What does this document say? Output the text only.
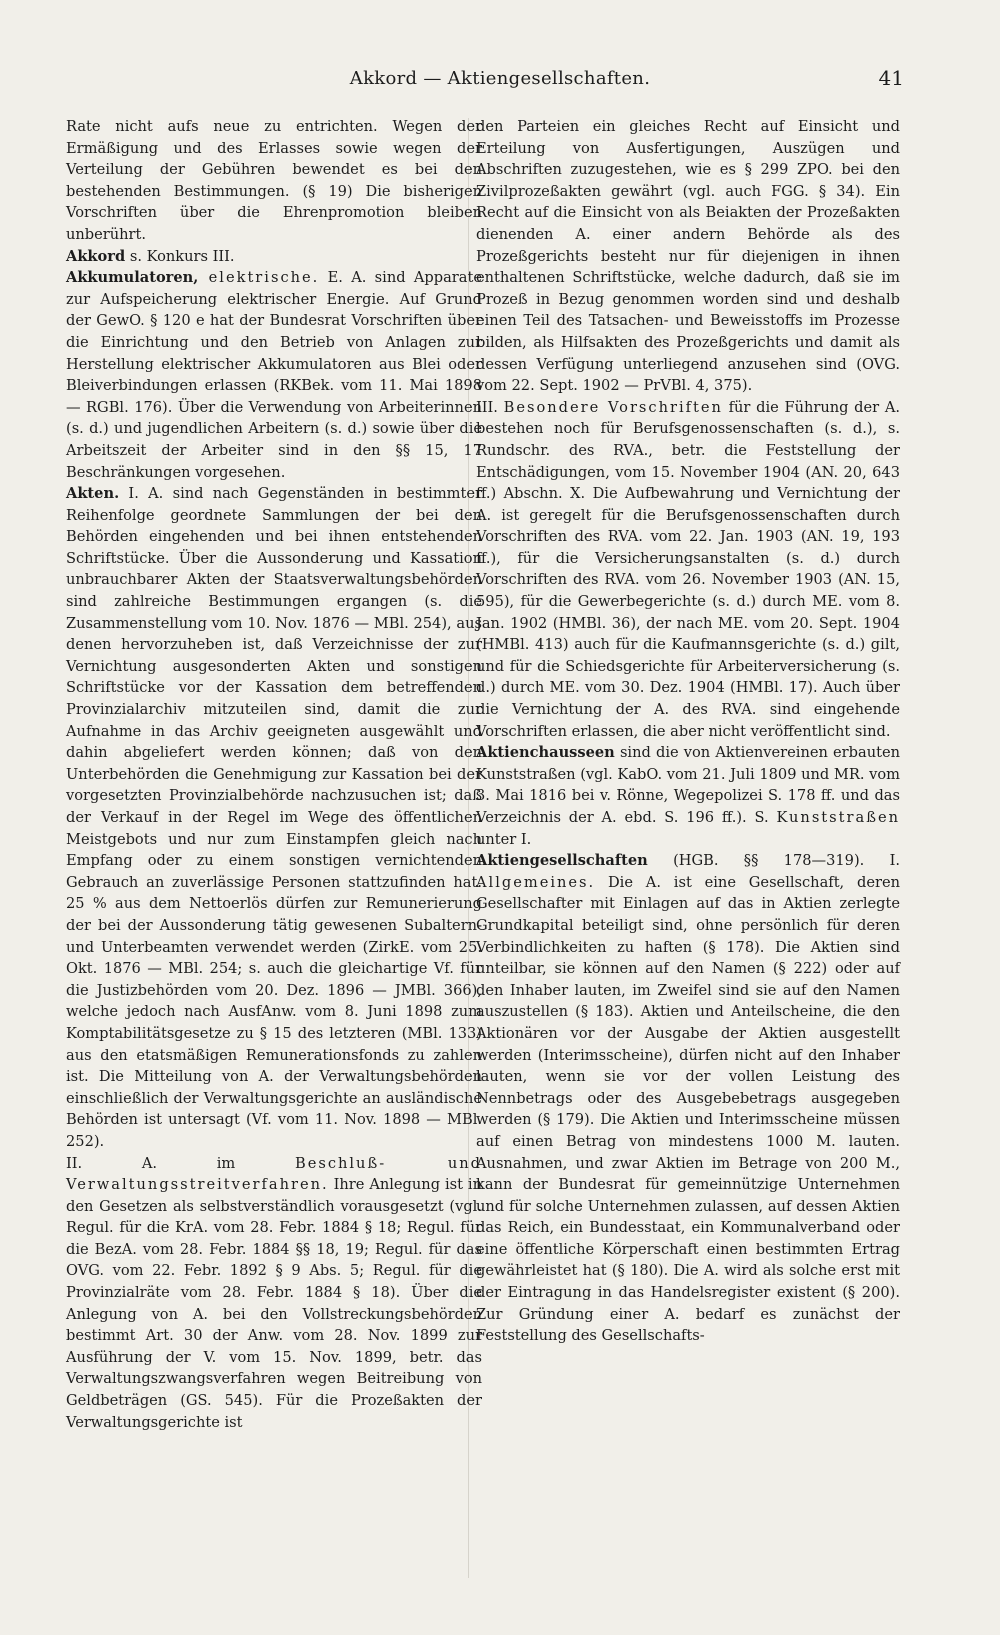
Akkord — Aktiengesellschaften.	41

Rate nicht aufs neue zu entrichten. Wegen der Ermäßigung und des Erlasses sowie wegen der Verteilung der Gebühren bewendet es bei den bestehenden Bestimmungen. (§ 19) Die bisherigen Vorschriften über die Ehrenpromotion bleiben unberührt.

Akkord s. Konkurs III.

Akkumulatoren, elektrische. E. A. sind Apparate zur Aufspeicherung elektrischer Energie. Auf Grund der GewO. § 120 e hat der Bundesrat Vorschriften über die Einrichtung und den Betrieb von Anlagen zur Herstellung elektrischer Akkumulatoren aus Blei oder Bleiverbindungen erlassen (RKBek. vom 11. Mai 1898 — RGBl. 176). Über die Verwendung von Arbeiterinnen (s. d.) und jugendlichen Arbeitern (s. d.) sowie über die Arbeitszeit der Arbeiter sind in den §§ 15, 17 Beschränkungen vorgesehen.

Akten. I. A. sind nach Gegenständen in bestimmter Reihenfolge geordnete Sammlungen der bei den Behörden eingehenden und bei ihnen entstehenden Schriftstücke. Über die Aussonderung und Kassation unbrauchbarer Akten der Staatsverwaltungsbehörden sind zahlreiche Bestimmungen ergangen (s. die Zusammenstellung vom 10. Nov. 1876 — MBl. 254), aus denen hervorzuheben ist, daß Verzeichnisse der zur Vernichtung ausgesonderten Akten und sonstigen Schriftstücke vor der Kassation dem betreffenden Provinzialarchiv mitzuteilen sind, damit die zur Aufnahme in das Archiv geeigneten ausgewählt und dahin abgeliefert werden können; daß von den Unterbehörden die Genehmigung zur Kassation bei der vorgesetzten Provinzialbehörde nachzusuchen ist; daß der Verkauf in der Regel im Wege des öffentlichen Meistgebots und nur zum Einstampfen gleich nach Empfang oder zu einem sonstigen vernichtenden Gebrauch an zuverlässige Personen stattzufinden hat. 25 % aus dem Nettoerlös dürfen zur Remunerierung der bei der Aussonderung tätig gewesenen Subaltern- und Unterbeamten verwendet werden (ZirkE. vom 25. Okt. 1876 — MBl. 254; s. auch die gleichartige Vf. für die Justizbehörden vom 20. Dez. 1896 — JMBl. 366), welche jedoch nach AusfAnw. vom 8. Juni 1898 zum Komptabilitätsgesetze zu § 15 des letzteren (MBl. 133) aus den etatsmäßigen Remunerationsfonds zu zahlen ist. Die Mitteilung von A. der Verwaltungsbehörden einschließlich der Verwaltungsgerichte an ausländische Behörden ist untersagt (Vf. vom 11. Nov. 1898 — MBl. 252).

II. A. im Beschluß- und Verwaltungsstreitverfahren. Ihre Anlegung ist in den Gesetzen als selbstverständlich vorausgesetzt (vgl. Regul. für die KrA. vom 28. Febr. 1884 § 18; Regul. für die BezA. vom 28. Febr. 1884 §§ 18, 19; Regul. für das OVG. vom 22. Febr. 1892 § 9 Abs. 5; Regul. für die Provinzialräte vom 28. Febr. 1884 § 18). Über die Anlegung von A. bei den Vollstreckungsbehörden bestimmt Art. 30 der Anw. vom 28. Nov. 1899 zur Ausführung der V. vom 15. Nov. 1899, betr. das Verwaltungszwangsverfahren wegen Beitreibung von Geldbeträgen (GS. 545). Für die Prozeßakten der Verwaltungsgerichte ist

den Parteien ein gleiches Recht auf Einsicht und Erteilung von Ausfertigungen, Auszügen und Abschriften zuzugestehen, wie es § 299 ZPO. bei den Zivilprozeßakten gewährt (vgl. auch FGG. § 34). Ein Recht auf die Einsicht von als Beiakten der Prozeßakten dienenden A. einer andern Behörde als des Prozeßgerichts besteht nur für diejenigen in ihnen enthaltenen Schriftstücke, welche dadurch, daß sie im Prozeß in Bezug genommen worden sind und deshalb einen Teil des Tatsachen- und Beweisstoffs im Prozesse bilden, als Hilfsakten des Prozeßgerichts und damit als dessen Verfügung unterliegend anzusehen sind (OVG. vom 22. Sept. 1902 — PrVBl. 4, 375).

III. Besondere Vorschriften für die Führung der A. bestehen noch für Berufsgenossenschaften (s. d.), s. Rundschr. des RVA., betr. die Feststellung der Entschädigungen, vom 15. November 1904 (AN. 20, 643 ff.) Abschn. X. Die Aufbewahrung und Vernichtung der A. ist geregelt für die Berufsgenossenschaften durch Vorschriften des RVA. vom 22. Jan. 1903 (AN. 19, 193 ff.), für die Versicherungsanstalten (s. d.) durch Vorschriften des RVA. vom 26. November 1903 (AN. 15, 595), für die Gewerbegerichte (s. d.) durch ME. vom 8. Jan. 1902 (HMBl. 36), der nach ME. vom 20. Sept. 1904 (HMBl. 413) auch für die Kaufmannsgerichte (s. d.) gilt, und für die Schiedsgerichte für Arbeiterversicherung (s. d.) durch ME. vom 30. Dez. 1904 (HMBl. 17). Auch über die Vernichtung der A. des RVA. sind eingehende Vorschriften erlassen, die aber nicht veröffentlicht sind.

Aktienchausseen sind die von Aktienvereinen erbauten Kunststraßen (vgl. KabO. vom 21. Juli 1809 und MR. vom 3. Mai 1816 bei v. Rönne, Wegepolizei S. 178 ff. und das Verzeichnis der A. ebd. S. 196 ff.). S. Kunststraßen unter I.

Aktiengesellschaften (HGB. §§ 178—319). I. Allgemeines. Die A. ist eine Gesellschaft, deren Gesellschafter mit Einlagen auf das in Aktien zerlegte Grundkapital beteiligt sind, ohne persönlich für deren Verbindlichkeiten zu haften (§ 178). Die Aktien sind unteilbar, sie können auf den Namen (§ 222) oder auf den Inhaber lauten, im Zweifel sind sie auf den Namen auszustellen (§ 183). Aktien und Anteilscheine, die den Aktionären vor der Ausgabe der Aktien ausgestellt werden (Interimsscheine), dürfen nicht auf den Inhaber lauten, wenn sie vor der vollen Leistung des Nennbetrags oder des Ausgebebetrags ausgegeben werden (§ 179). Die Aktien und Interimsscheine müssen auf einen Betrag von mindestens 1000 M. lauten. Ausnahmen, und zwar Aktien im Betrage von 200 M., kann der Bundesrat für gemeinnützige Unternehmen und für solche Unternehmen zulassen, auf dessen Aktien das Reich, ein Bundesstaat, ein Kommunalverband oder eine öffentliche Körperschaft einen bestimmten Ertrag gewährleistet hat (§ 180). Die A. wird als solche erst mit der Eintragung in das Handelsregister existent (§ 200). Zur Gründung einer A. bedarf es zunächst der Feststellung des Gesellschafts-
